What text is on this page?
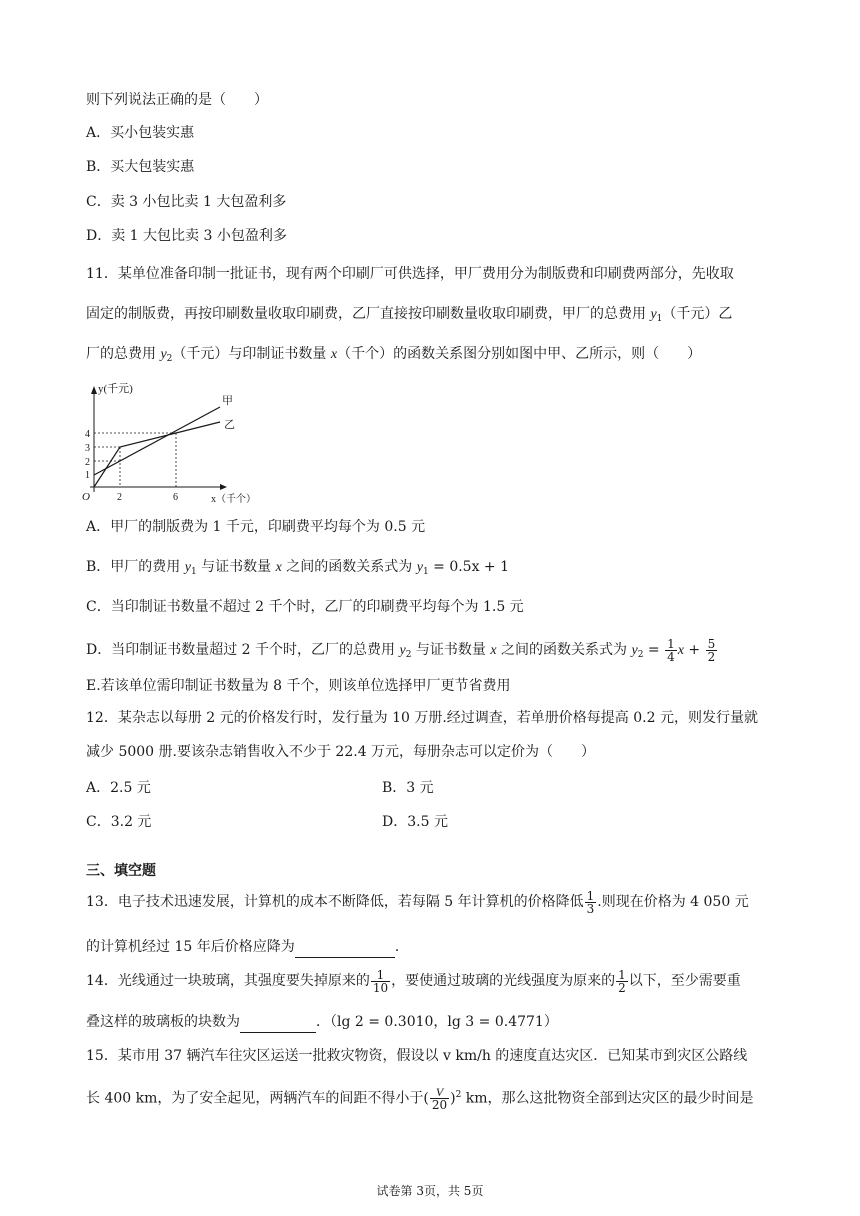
则下列说法正确的是（　　）
A．买小包装实惠
B．买大包装实惠
C．卖 3 小包比卖 1 大包盈利多
D．卖 1 大包比卖 3 小包盈利多
11．某单位准备印制一批证书，现有两个印刷厂可供选择，甲厂费用分为制版费和印刷费两部分，先收取
固定的制版费，再按印刷数量收取印刷费，乙厂直接按印刷数量收取印刷费，甲厂的总费用 $y_1$（千元）乙
厂的总费用 $y_2$（千元）与印制证书数量 x（千个）的函数关系图分别如图中甲、乙所示，则（　　）
y(千元)
甲
乙
4
3
2
1
O	2	6	x（千个）
A．甲厂的制版费为 1 千元，印刷费平均每个为 0.5 元
B．甲厂的费用 $y_1$ 与证书数量 x 之间的函数关系式为 $y_1 = 0.5x + 1$
C．当印制证书数量不超过 2 千个时，乙厂的印刷费平均每个为 1.5 元
D．当印制证书数量超过 2 千个时，乙厂的总费用 $y_2$ 与证书数量 x 之间的函数关系式为 $y_2 = \frac{1}{4}$ $x + \frac{5}{2}$
E.若该单位需印制证书数量为 8 千个，则该单位选择甲厂更节省费用
12．某杂志以每册 2 元的价格发行时，发行量为 10 万册.经过调查，若单册价格每提高 0.2 元，则发行量就
减少 5000 册.要该杂志销售收入不少于 22.4 万元，每册杂志可以定价为（　　）
A．2.5 元	B．3 元
C．3.2 元	D．3.5 元
三、填空题
13．电子技术迅速发展，计算机的成本不断降低，若每隔 5 年计算机的价格降低 $\frac{1}{3}$ .则现在价格为 4 050 元
的计算机经过 15 年后价格应降为	.
14．光线通过一块玻璃，其强度要失掉原来的 $\frac{1}{10}$ ，要使通过玻璃的光线强度为原来的 $\frac{1}{2}$ 以下，至少需要重
叠这样的玻璃板的块数为	．（lg 2 = 0.3010，lg 3 = 0.4771）
15．某市用 37 辆汽车往灾区运送一批救灾物资，假设以 v km/h 的速度直达灾区．已知某市到灾区公路线
长 400 km，为了安全起见，两辆汽车的间距不得小于( $\frac{V}{20} )^2$ km，那么这批物资全部到达灾区的最少时间是
试卷第 3页，共 5页
